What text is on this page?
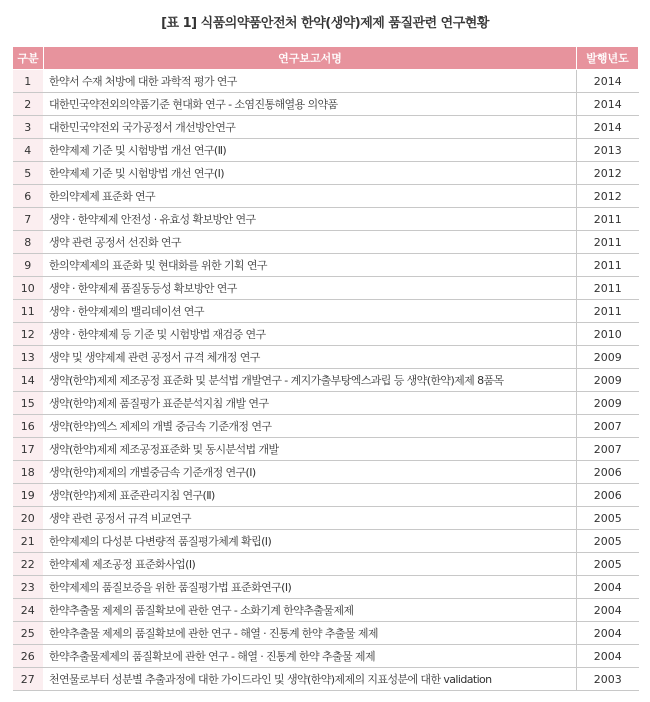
[표 1] 식품의약품안전처 한약(생약)제제 품질관련 연구현황
구분	연구보고서명	발행년도
1	한약서 수재 처방에 대한 과학적 평가 연구	2014
2	대한민국약전외의약품기준 현대화 연구 - 소염진통해열용 의약품	2014
3	대한민국약전외 국가공정서 개선방안연구	2014
4	한약제제 기준 및 시험방법 개선 연구(Ⅱ)	2013
5	한약제제 기준 및 시험방법 개선 연구(Ⅰ)	2012
6	한의약제제 표준화 연구	2012
7	생약 · 한약제제 안전성 · 유효성 확보방안 연구	2011
8	생약 관련 공정서 선진화 연구	2011
9	한의약제제의 표준화 및 현대화를 위한 기획 연구	2011
10	생약 · 한약제제 품질동등성 확보방안 연구	2011
11	생약 · 한약제제의 밸리데이션 연구	2011
12	생약 · 한약제제 등 기준 및 시험방법 재검증 연구	2010
13	생약 및 생약제제 관련 공정서 규격 체개정 연구	2009
14	생약(한약)제제 제조공정 표준화 및 분석법 개발연구 - 계지가출부탕엑스과립 등 생약(한약)제제 8품목	2009
15	생약(한약)제제 품질평가 표준분석지침 개발 연구	2009
16	생약(한약)엑스 제제의 개별 중금속 기준개정 연구	2007
17	생약(한약)제제 제조공정표준화 및 동시분석법 개발	2007
18	생약(한약)제제의 개별중금속 기준개정 연구(Ⅰ)	2006
19	생약(한약)제제 표준관리지침 연구(Ⅱ)	2006
20	생약 관련 공정서 규격 비교연구	2005
21	한약제제의 다성분 다변량적 품질평가체계 확립(Ⅰ)	2005
22	한약제제 제조공정 표준화사업(Ⅰ)	2005
23	한약제제의 품질보증을 위한 품질평가법 표준화연구(Ⅰ)	2004
24	한약추출물 제제의 품질확보에 관한 연구 - 소화기계 한약추출물제제	2004
25	한약추출물 제제의 품질확보에 관한 연구 - 해열 · 진통계 한약 추출물 제제	2004
26	한약추출물제제의 품질확보에 관한 연구 - 해열 · 진통계 한약 추출물 제제	2004
27	천연물로부터 성분별 추출과정에 대한 가이드라인 및 생약(한약)제제의 지표성분에 대한 validation	2003
